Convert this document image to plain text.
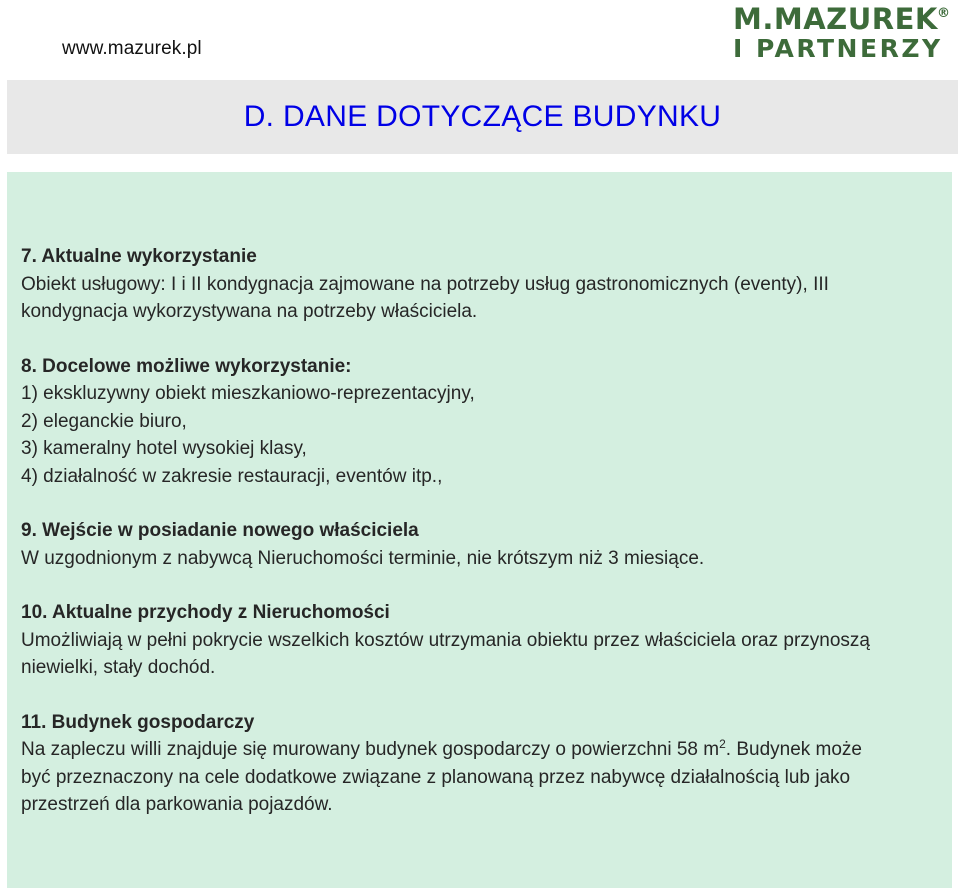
www.mazurek.pl
M.MAZUREK ®
I PARTNERZY
D. DANE DOTYCZĄCE BUDYNKU
7. Aktualne wykorzystanie
Obiekt usługowy: I i II kondygnacja zajmowane na potrzeby usług gastronomicznych (eventy), III
kondygnacja wykorzystywana na potrzeby właściciela.
8. Docelowe możliwe wykorzystanie:
1) ekskluzywny obiekt mieszkaniowo-reprezentacyjny,
2) eleganckie biuro,
3) kameralny hotel wysokiej klasy,
4) działalność w zakresie restauracji, eventów itp.,
9. Wejście w posiadanie nowego właściciela
W uzgodnionym z nabywcą Nieruchomości terminie, nie krótszym niż 3 miesiące.
10. Aktualne przychody z Nieruchomości
Umożliwiają w pełni pokrycie wszelkich kosztów utrzymania obiektu przez właściciela oraz przynoszą
niewielki, stały dochód.
11. Budynek gospodarczy
Na zapleczu willi znajduje się murowany budynek gospodarczy o powierzchni 58 $m^2$. Budynek może
być przeznaczony na cele dodatkowe związane z planowaną przez nabywcę działalnością lub jako
przestrzeń dla parkowania pojazdów.
